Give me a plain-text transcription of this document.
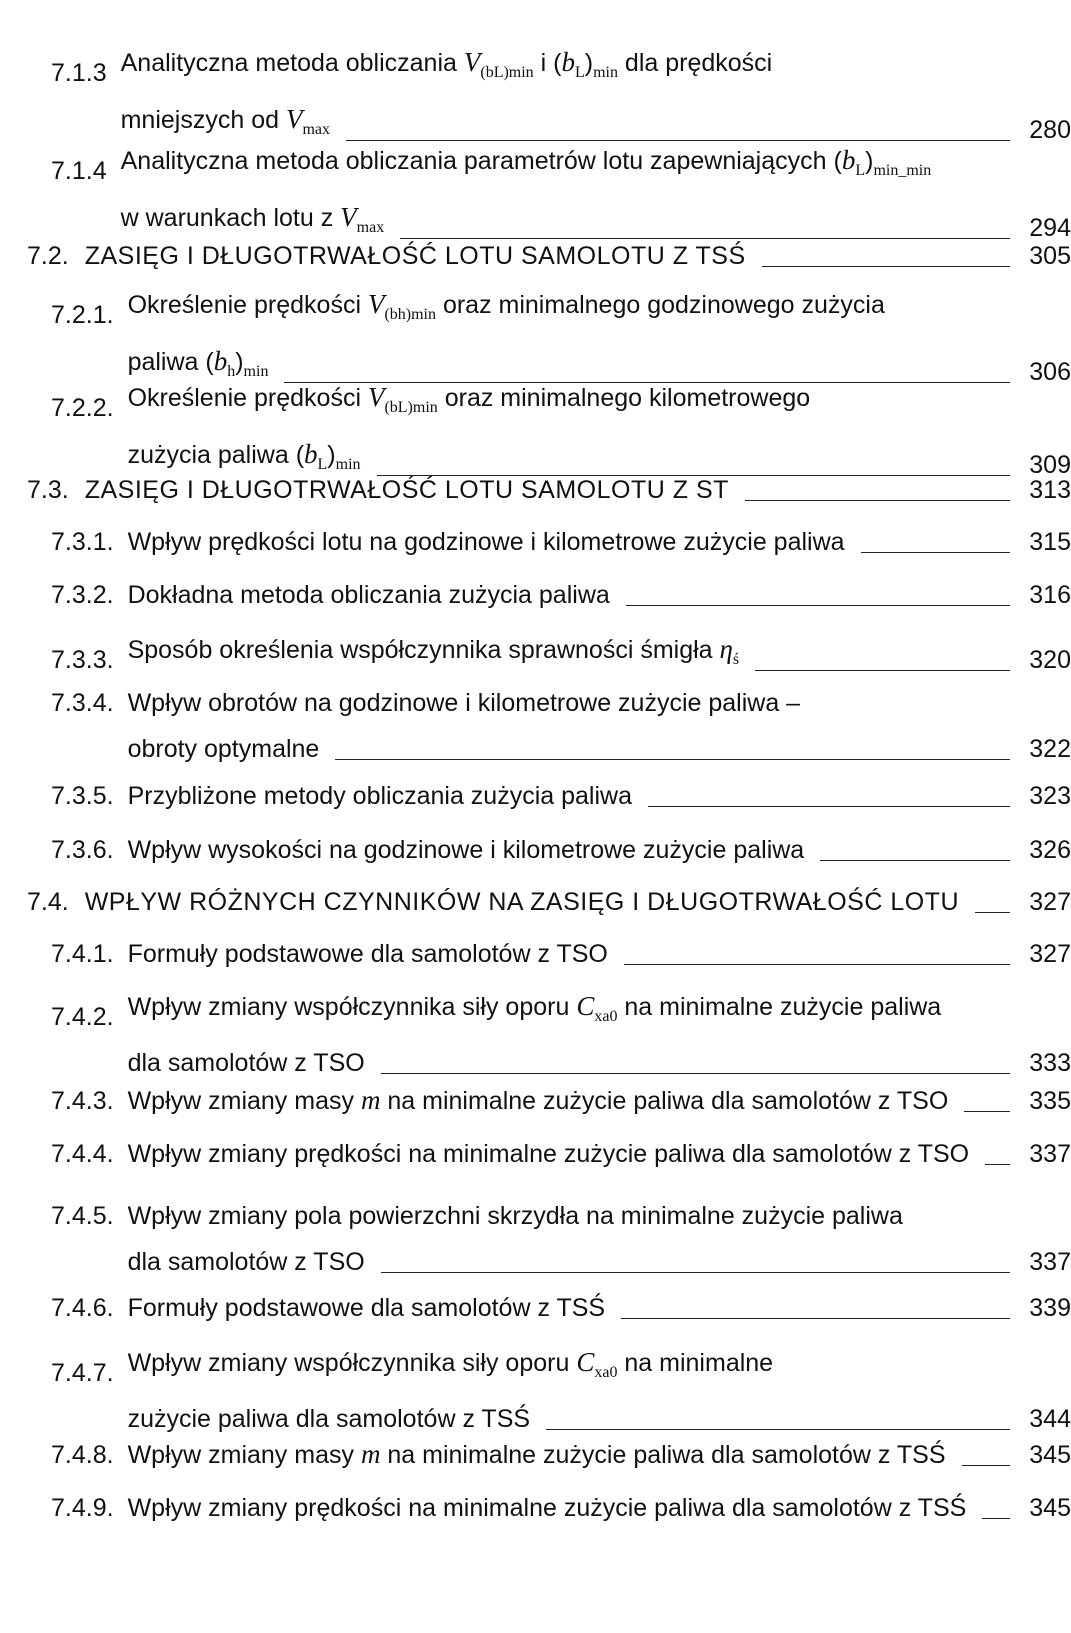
7.1.3 Analityczna metoda obliczania $V_{(bL)min}$ i $(b_L)_{min}$ dla prędkości
mniejszych od $V_{max}$	280
7.1.4 Analityczna metoda obliczania parametrów lotu zapewniających $(b_L)_{min\_min}$
w warunkach lotu z $V_{max}$	294
7.2. ZASIĘG I DŁUGOTRWAŁOŚĆ LOTU SAMOLOTU Z TSŚ	305
7.2.1. Określenie prędkości $V_{(bh)min}$ oraz minimalnego godzinowego zużycia
paliwa $(b_h)_{min}$	306
7.2.2. Określenie prędkości $V_{(bL)min}$ oraz minimalnego kilometrowego
zużycia paliwa $(b_L)_{min}$	309
7.3. ZASIĘG I DŁUGOTRWAŁOŚĆ LOTU SAMOLOTU Z ST	313
7.3.1. Wpływ prędkości lotu na godzinowe i kilometrowe zużycie paliwa	315
7.3.2. Dokładna metoda obliczania zużycia paliwa	316
7.3.3. Sposób określenia współczynnika sprawności śmigła $\eta_ś$	320
7.3.4. Wpływ obrotów na godzinowe i kilometrowe zużycie paliwa –
obroty optymalne	322
7.3.5. Przybliżone metody obliczania zużycia paliwa	323
7.3.6. Wpływ wysokości na godzinowe i kilometrowe zużycie paliwa	326
7.4. WPŁYW RÓŻNYCH CZYNNIKÓW NA ZASIĘG I DŁUGOTRWAŁOŚĆ LOTU	327
7.4.1. Formuły podstawowe dla samolotów z TSO	327
7.4.2. Wpływ zmiany współczynnika siły oporu $C_{xa0}$ na minimalne zużycie paliwa
dla samolotów z TSO	333
7.4.3. Wpływ zmiany masy m na minimalne zużycie paliwa dla samolotów z TSO	335
7.4.4. Wpływ zmiany prędkości na minimalne zużycie paliwa dla samolotów z TSO 337
7.4.5. Wpływ zmiany pola powierzchni skrzydła na minimalne zużycie paliwa
dla samolotów z TSO	337
7.4.6. Formuły podstawowe dla samolotów z TSŚ	339
7.4.7. Wpływ zmiany współczynnika siły oporu $C_{xa0}$ na minimalne
zużycie paliwa dla samolotów z TSŚ	344
7.4.8. Wpływ zmiany masy m na minimalne zużycie paliwa dla samolotów z TSŚ	345
7.4.9. Wpływ zmiany prędkości na minimalne zużycie paliwa dla samolotów z TSŚ	345
